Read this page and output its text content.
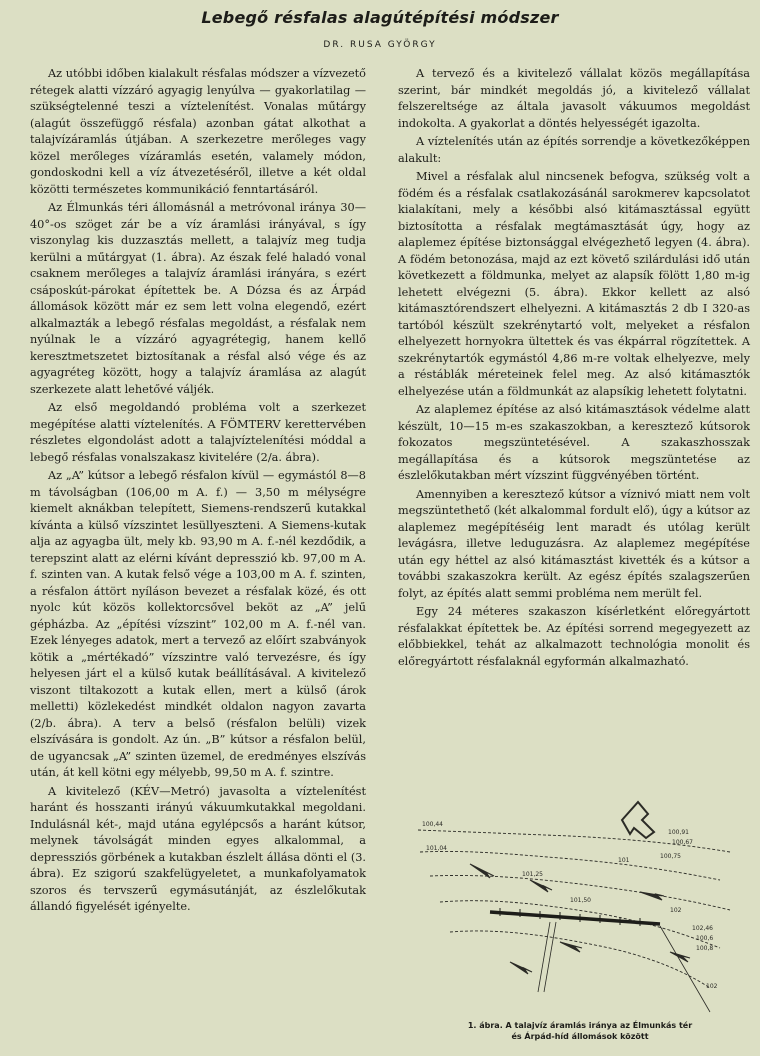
Lebegő résfalas alagútépítési módszer
DR. RUSA GYÖRGY

Az utóbbi időben kialakult résfalas módszer a vízvezető rétegek alatti vízzáró agyagig lenyúlva — gyakorlatilag — szükségtelenné teszi a víztelenítést. Vonalas műtárgy (alagút összefüggő résfala) azonban gátat alkothat a talajvízáramlás útjában. A szerkezetre merőleges vagy közel merőleges vízáramlás esetén, valamely módon, gondoskodni kell a víz átvezetéséről, illetve a két oldal közötti természetes kommunikáció fenntartásáról.

Az Élmunkás téri állomásnál a metróvonal iránya 30—40°-os szöget zár be a víz áramlási irányával, s így viszonylag kis duzzasztás mellett, a talajvíz meg tudja kerülni a műtárgyat (1. ábra). Az észak felé haladó vonal csaknem merőleges a talajvíz áramlási irányára, s ezért csáposkút-párokat építettek be. A Dózsa és az Árpád állomások között már ez sem lett volna elegendő, ezért alkalmazták a lebegő résfalas megoldást, a résfalak nem nyúlnak le a vízzáró agyagrétegig, hanem kellő keresztmetszetet biztosítanak a résfal alsó vége és az agyagréteg között, hogy a talajvíz áramlása az alagút szerkezete alatt lehetővé váljék.

Az első megoldandó probléma volt a szerkezet megépítése alatti víztelenítés. A FÖMTERV kerettervében részletes elgondolást adott a talajvíztelenítési móddal a lebegő résfalas vonalszakasz kivitelére (2/a. ábra).

Az „A” kútsor a lebegő résfalon kívül — egymástól 8—8 m távolságban (106,00 m A. f.) — 3,50 m mélységre kiemelt aknákban telepített, Siemens-rendszerű kutakkal kívánta a külső vízszintet lesüllyeszteni. A Siemens-kutak alja az agyagba ült, mely kb. 93,90 m A. f.-nél kezdődik, a terepszint alatt az elérni kívánt depresszió kb. 97,00 m A. f. szinten van. A kutak felső vége a 103,00 m A. f. szinten, a résfalon áttört nyíláson bevezet a résfalak közé, és ott nyolc kút közös kollektorcsővel beköt az „A” jelű gépházba. Az „építési vízszint” 102,00 m A. f.-nél van. Ezek lényeges adatok, mert a tervező az előírt szabványok kötik a „mértékadó” vízszintre való tervezésre, és így helyesen járt el a külső kutak beállításával. A kivitelező viszont tiltakozott a kutak ellen, mert a külső (árok melletti) közlekedést mindkét oldalon nagyon zavarta (2/b. ábra). A terv a belső (résfalon belüli) vizek elszívására is gondolt. Az ún. „B” kútsor a résfalon belül, de ugyancsak „A” szinten üzemel, de eredményes elszívás után, át kell kötni egy mélyebb, 99,50 m A. f. szintre.

A kivitelező (KÉV—Metró) javasolta a víztelenítést haránt és hosszanti irányú vákuumkutakkal megoldani. Indulásnál két-, majd utána egylépcsős a haránt kútsor, melynek távolságát minden egyes alkalommal, a depressziós görbének a kutakban észlelt állása dönti el (3. ábra). Ez szigorú szakfelügyeletet, a munkafolyamatok szoros és tervszerű egymásutánját, az észlelőkutak állandó figyelését igényelte.

A tervező és a kivitelező vállalat közös megállapítása szerint, bár mindkét megoldás jó, a kivitelező vállalat felszereltsége az általa javasolt vákuumos megoldást indokolta. A gyakorlat a döntés helyességét igazolta.

A víztelenítés után az építés sorrendje a következőképpen alakult:

Mivel a résfalak alul nincsenek befogva, szükség volt a födém és a résfalak csatlakozásánál sarokmerev kapcsolatot kialakítani, mely a későbbi alsó kitámasztással együtt biztosította a résfalak megtámasztását úgy, hogy az alaplemez építése biztonsággal elvégezhető legyen (4. ábra). A födém betonozása, majd az ezt követő szilárdulási idő után következett a földmunka, melyet az alapsík fölött 1,80 m-ig lehetett elvégezni (5. ábra). Ekkor kellett az alsó kitámasztórendszert elhelyezni. A kitámasztás 2 db I 320-as tartóból készült szekrénytartó volt, melyeket a résfalon elhelyezett hornyokra ültettek és vas ékpárral rögzítettek. A szekrénytartók egymástól 4,86 m-re voltak elhelyezve, mely a réstáblák méreteinek felel meg. Az alsó kitámasztók elhelyezése után a földmunkát az alapsíkig lehetett folytatni.

Az alaplemez építése az alsó kitámasztások védelme alatt készült, 10—15 m-es szakaszokban, a keresztező kútsorok fokozatos megszüntetésével. A szakaszhosszak megállapítása és a kútsorok megszüntetése az észlelőkutakban mért vízszint függvényében történt.

Amennyiben a keresztező kútsor a víznivó miatt nem volt megszüntethető (két alkalommal fordult elő), úgy a kútsor az alaplemez megépítéséig lent maradt és utólag került levágásra, illetve leduguzásra. Az alaplemez megépítése után egy héttel az alsó kitámasztást kivették és a kútsor a további szakaszokra került. Az egész építés szalagszerűen folyt, az építés alatt semmi probléma nem merült fel.

Egy 24 méteres szakaszon kísérletként előregyártott résfalakkat építettek be. Az építési sorrend megegyezett az előbbiekkel, tehát az alkalmazott technológia monolit és előregyártott résfalaknál egyformán alkalmazható.

100,44
100,91
100,67
100,75
101
101,04
101,25
101,50
102
102,46
100,6
100,8
102
1. ábra. A talajvíz áramlás iránya az Élmunkás tér
és Árpád-híd állomások között
